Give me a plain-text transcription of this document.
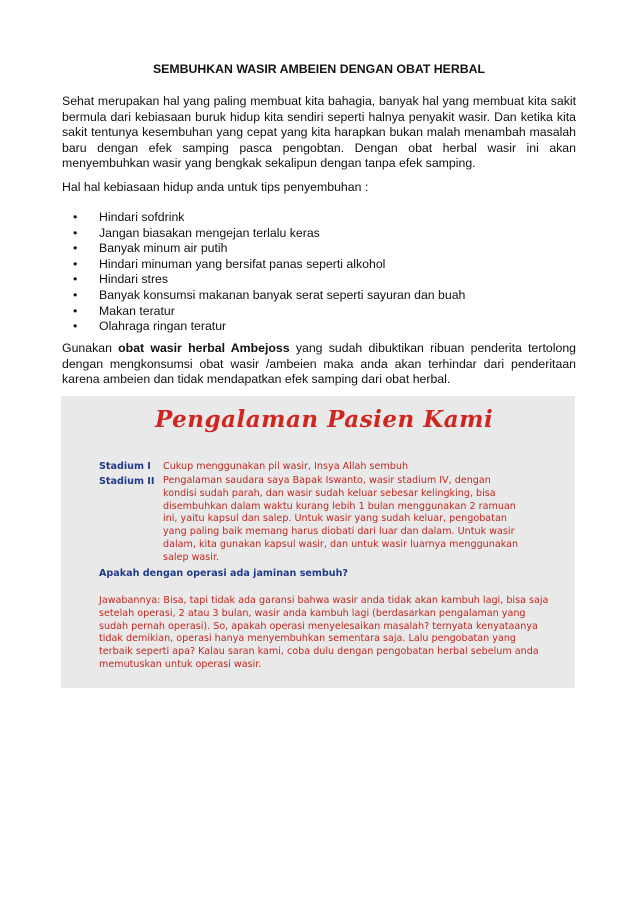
SEMBUHKAN WASIR AMBEIEN DENGAN OBAT HERBAL
Sehat merupakan hal yang paling membuat kita bahagia, banyak hal yang membuat kita sakit bermula dari kebiasaan buruk hidup kita sendiri seperti halnya penyakit wasir. Dan ketika kita sakit tentunya kesembuhan yang cepat yang kita harapkan bukan malah menambah masalah baru dengan efek samping pasca pengobtan. Dengan obat herbal wasir ini akan menyembuhkan wasir yang bengkak sekalipun dengan tanpa efek samping.
Hal hal kebiasaan hidup anda untuk tips penyembuhan :
• Hindari sofdrink
• Jangan biasakan mengejan terlalu keras
• Banyak minum air putih
• Hindari minuman yang bersifat panas seperti alkohol
• Hindari stres
• Banyak konsumsi makanan banyak serat seperti sayuran dan buah
• Makan teratur
• Olahraga ringan teratur
Gunakan obat wasir herbal Ambejoss yang sudah dibuktikan ribuan penderita tertolong dengan mengkonsumsi obat wasir /ambeien maka anda akan terhindar dari penderitaan karena ambeien dan tidak mendapatkan efek samping dari obat herbal.
Pengalaman Pasien Kami
Stadium I
Stadium II
Cukup menggunakan pil wasir, Insya Allah sembuh
Pengalaman saudara saya Bapak Iswanto, wasir stadium IV, dengan kondisi sudah parah, dan wasir sudah keluar sebesar kelingking, bisa disembuhkan dalam waktu kurang lebih 1 bulan menggunakan 2 ramuan ini, yaitu kapsul dan salep. Untuk wasir yang sudah keluar, pengobatan yang paling baik memang harus diobati dari luar dan dalam. Untuk wasir dalam, kita gunakan kapsul wasir, dan untuk wasir luarnya menggunakan salep wasir.
Apakah dengan operasi ada jaminan sembuh?
Jawabannya: Bisa, tapi tidak ada garansi bahwa wasir anda tidak akan kambuh lagi, bisa saja setelah operasi, 2 atau 3 bulan, wasir anda kambuh lagi (berdasarkan pengalaman yang sudah pernah operasi). So, apakah operasi menyelesaikan masalah? ternyata kenyataanya tidak demikian, operasi hanya menyembuhkan sementara saja. Lalu pengobatan yang terbaik seperti apa? Kalau saran kami, coba dulu dengan pengobatan herbal sebelum anda memutuskan untuk operasi wasir.
